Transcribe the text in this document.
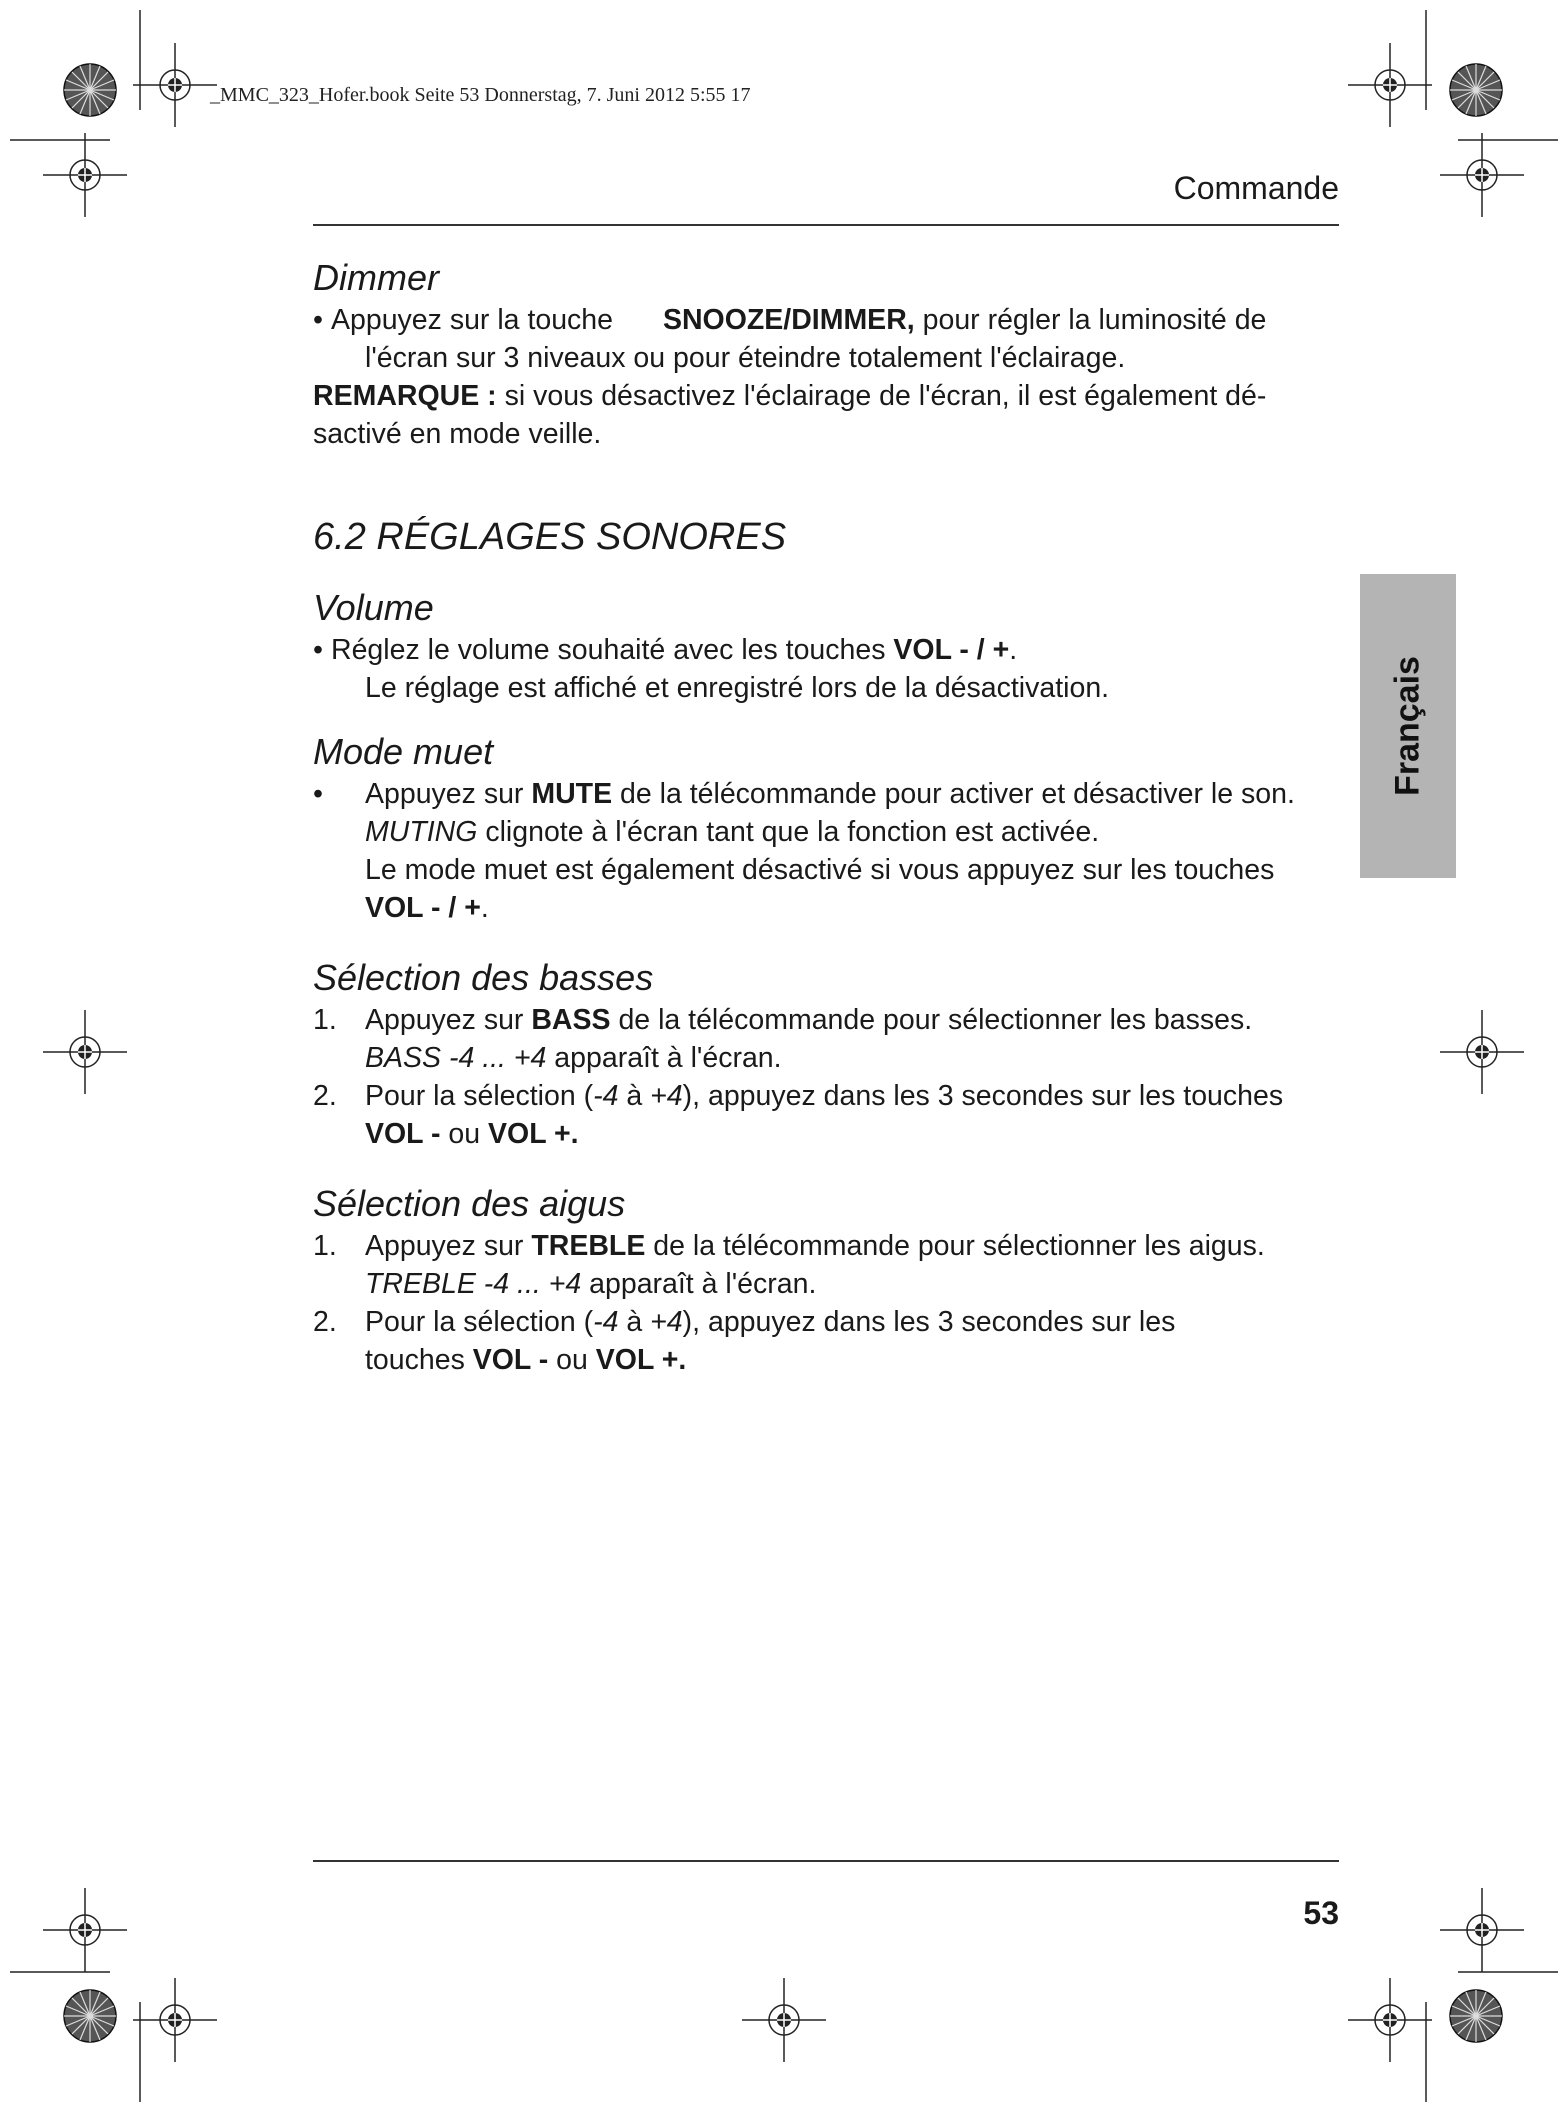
_MMC_323_Hofer.book Seite 53 Donnerstag, 7. Juni 2012 5:55 17
Commande
Français
Dimmer
• Appuyez sur la touche SNOOZE/DIMMER, pour régler la luminosité de
l'écran sur 3 niveaux ou pour éteindre totalement l'éclairage.
REMARQUE : si vous désactivez l'éclairage de l'écran, il est également dé-
sactivé en mode veille.
6.2 RÉGLAGES SONORES
Volume
• Réglez le volume souhaité avec les touches VOL - / +.
Le réglage est affiché et enregistré lors de la désactivation.
Mode muet
• Appuyez sur MUTE de la télécommande pour activer et désactiver le son.
MUTING clignote à l'écran tant que la fonction est activée.
Le mode muet est également désactivé si vous appuyez sur les touches
VOL - / +.
Sélection des basses
1. Appuyez sur BASS de la télécommande pour sélectionner les basses.
BASS -4 ... +4 apparaît à l'écran.
2. Pour la sélection (-4 à +4), appuyez dans les 3 secondes sur les touches
VOL - ou VOL +.
Sélection des aigus
1. Appuyez sur TREBLE de la télécommande pour sélectionner les aigus.
TREBLE -4 ... +4 apparaît à l'écran.
2. Pour la sélection (-4 à +4), appuyez dans les 3 secondes sur les
touches VOL - ou VOL +.
53
